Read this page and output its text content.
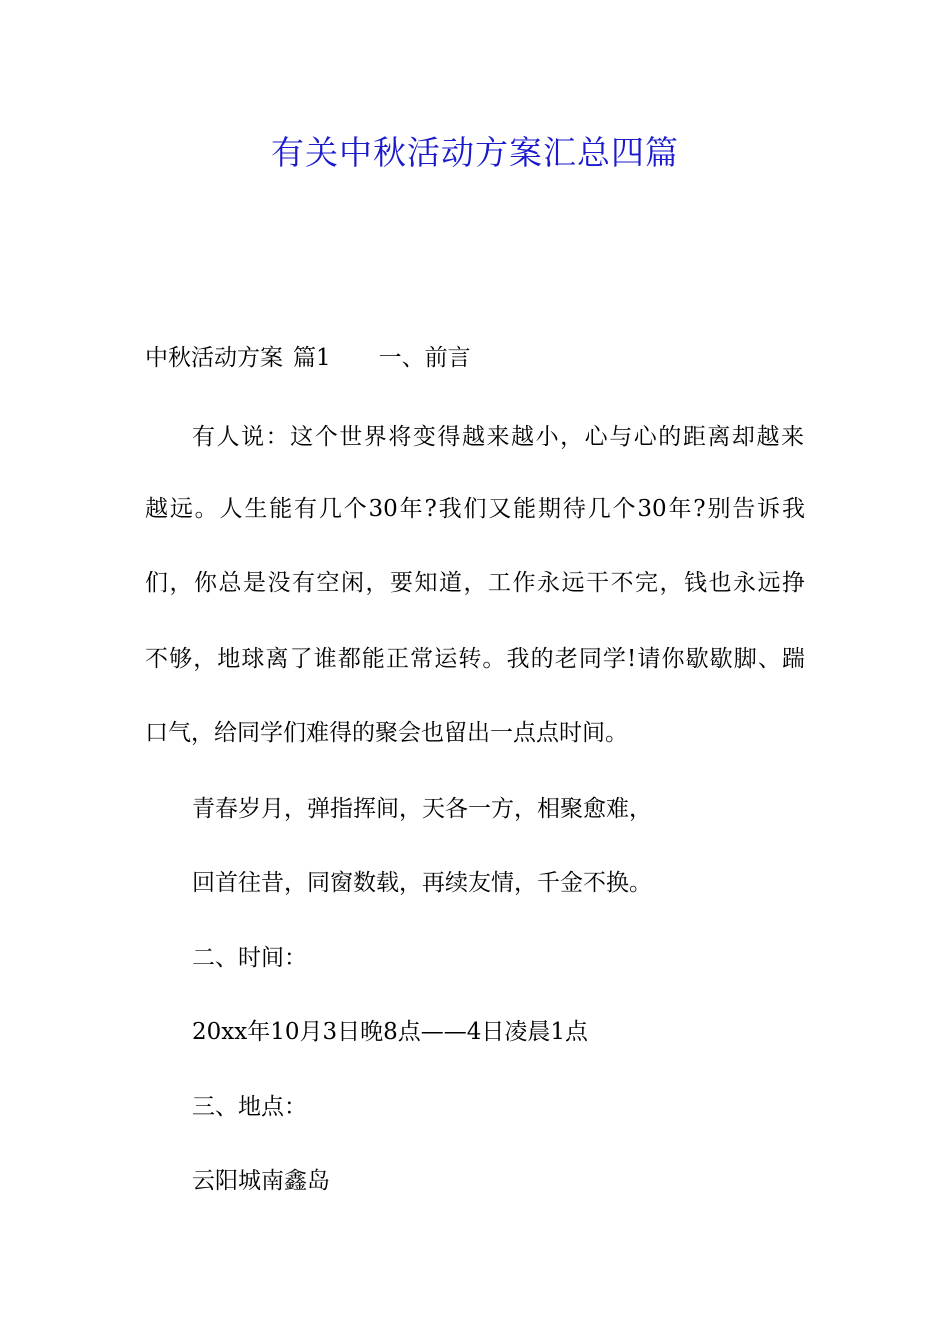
有关中秋活动方案汇总四篇
中秋活动方案 篇1 一、前言
有人说：这个世界将变得越来越小，心与心的距离却越来
越远。人生能有几个30年?我们又能期待几个30年?别告诉我
们，你总是没有空闲，要知道，工作永远干不完，钱也永远挣
不够，地球离了谁都能正常运转。我的老同学!请你歇歇脚、踹
口气，给同学们难得的聚会也留出一点点时间。
青春岁月，弹指挥间，天各一方，相聚愈难，
回首往昔，同窗数载，再续友情，千金不换。
二、时间：
20xx年10月3日晚8点——4日凌晨1点
三、地点：
云阳城南鑫岛
